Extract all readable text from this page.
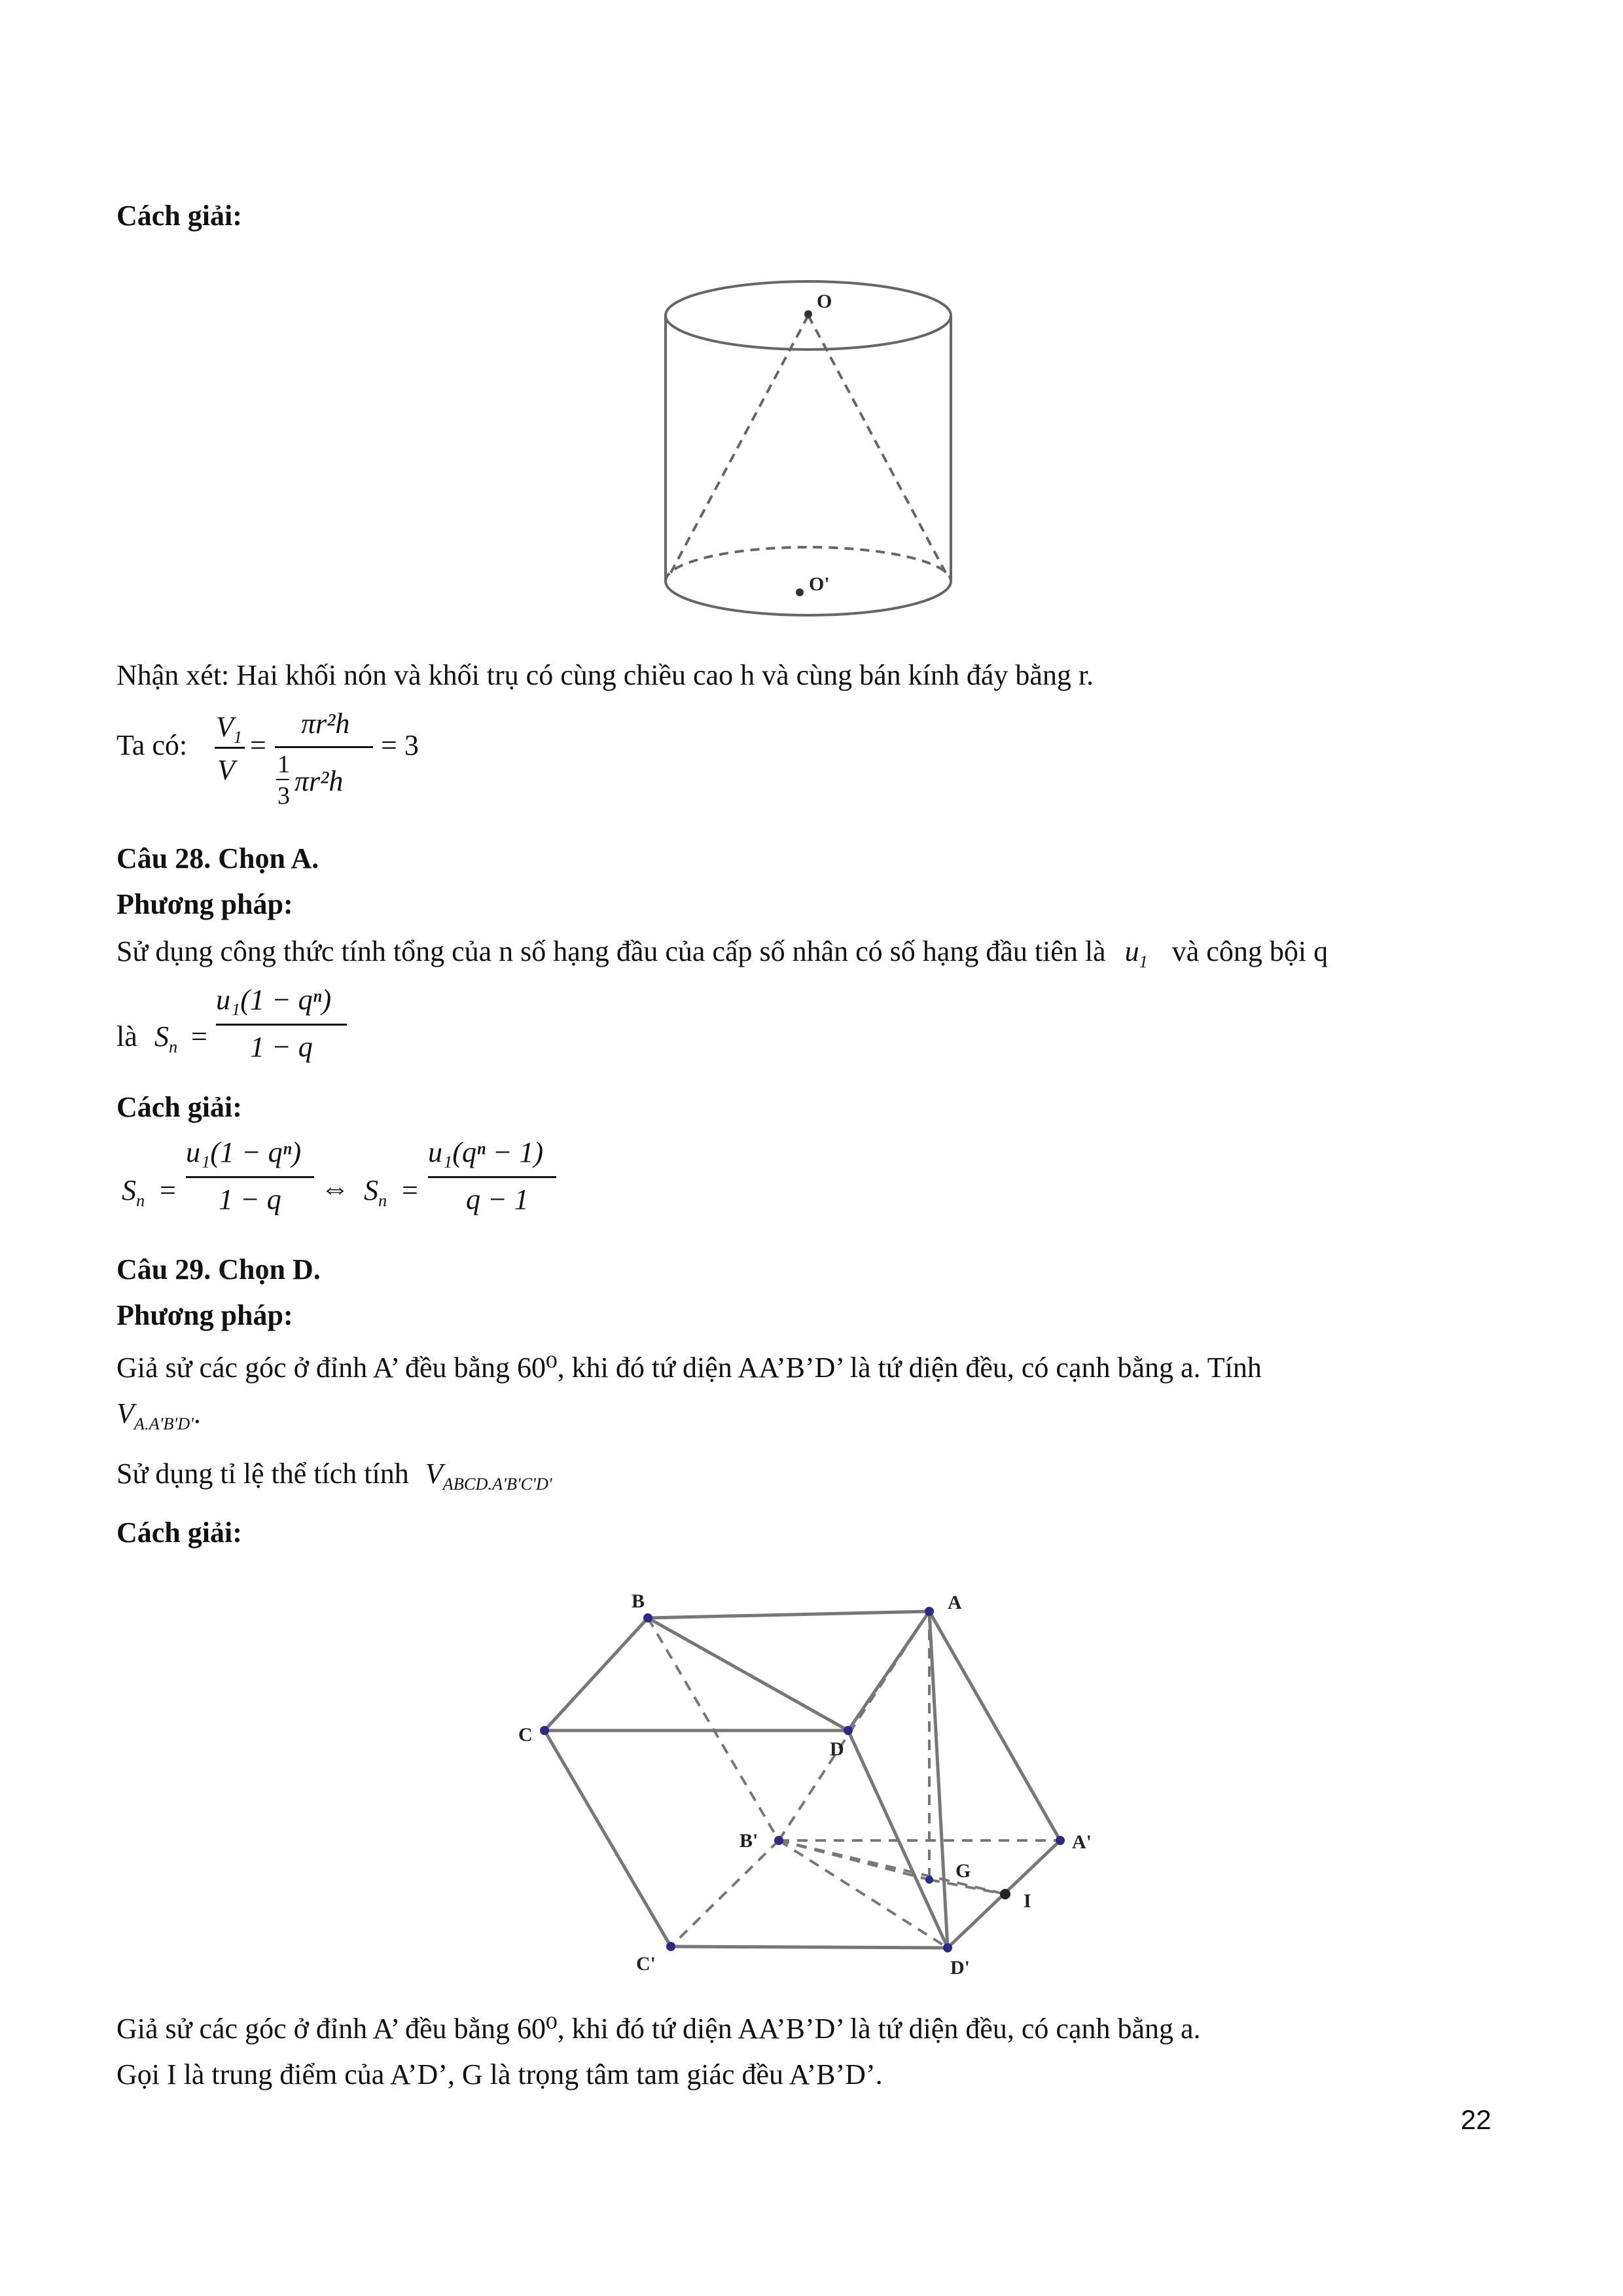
Cách giải:
O
O'
Nhận xét: Hai khối nón và khối trụ có cùng chiều cao h và cùng bán kính đáy bằng r.
Ta có:
$V_1$
V
=
πr²h
1
3 πr²h
= 3
Câu 28. Chọn A.
Phương pháp:
Sử dụng công thức tính tổng của n số hạng đầu của cấp số nhân có số hạng đầu tiên là $u_1$ và công bội q
là $S_n$ =
u₁(1 − qⁿ)
1 − q
Cách giải:
$S_n$ =
u₁(1 − qⁿ)
1 − q ⇔ $S_n$ =
u₁(qⁿ − 1)
q − 1
Câu 29. Chọn D.
Phương pháp:
Giả sử các góc ở đỉnh A’ đều bằng 60⁰, khi đó tứ diện AA’B’D’ là tứ diện đều, có cạnh bằng a. Tính
$V_{A.A'B'D'}$.
Sử dụng tỉ lệ thể tích tính $V_{ABCD.A'B'C'D'}$
Cách giải:
B	A
C
D
B'	A'
G
I
C'	D'
Giả sử các góc ở đỉnh A’ đều bằng 60⁰, khi đó tứ diện AA’B’D’ là tứ diện đều, có cạnh bằng a.
Gọi I là trung điểm của A’D’, G là trọng tâm tam giác đều A’B’D’.
22
